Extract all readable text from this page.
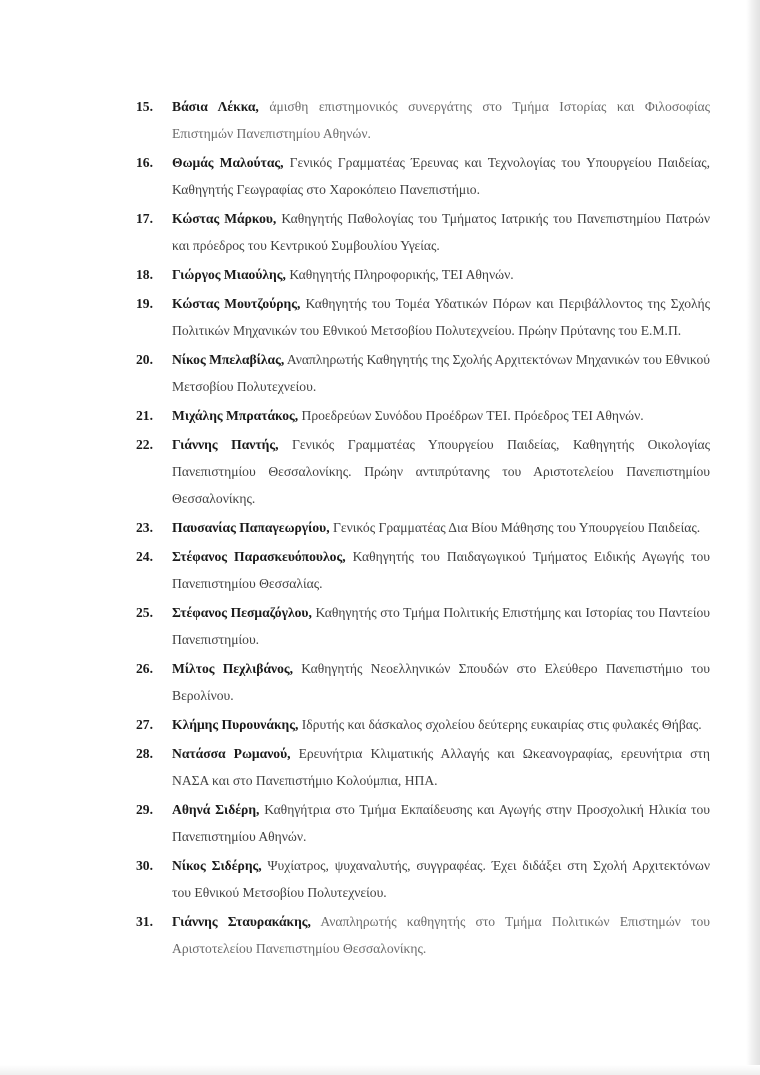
15.	Βάσια Λέκκα, άμισθη επιστημονικός συνεργάτης στο Τμήμα Ιστορίας και Φιλοσοφίας Επιστημών Πανεπιστημίου Αθηνών.
16.	Θωμάς Μαλούτας, Γενικός Γραμματέας Έρευνας και Τεχνολογίας του Υπουργείου Παιδείας, Καθηγητής Γεωγραφίας στο Χαροκόπειο Πανεπιστήμιο.
17.	Κώστας Μάρκου, Καθηγητής Παθολογίας του Τμήματος Ιατρικής του Πανεπιστημίου Πατρών και πρόεδρος του Κεντρικού Συμβουλίου Υγείας.
18.	Γιώργος Μιαούλης, Καθηγητής Πληροφορικής, ΤΕΙ Αθηνών.
19.	Κώστας Μουτζούρης, Καθηγητής του Τομέα Υδατικών Πόρων και Περιβάλλοντος της Σχολής Πολιτικών Μηχανικών του Εθνικού Μετσοβίου Πολυτεχνείου. Πρώην Πρύτανης του Ε.Μ.Π.
20.	Νίκος Μπελαβίλας, Αναπληρωτής Καθηγητής της Σχολής Αρχιτεκτόνων Μηχανικών του Εθνικού Μετσοβίου Πολυτεχνείου.
21.	Μιχάλης Μπρατάκος, Προεδρεύων Συνόδου Προέδρων ΤΕΙ. Πρόεδρος ΤΕΙ Αθηνών.
22.	Γιάννης Παντής, Γενικός Γραμματέας Υπουργείου Παιδείας, Καθηγητής Οικολογίας Πανεπιστημίου Θεσσαλονίκης. Πρώην αντιπρύτανης του Αριστοτελείου Πανεπιστημίου Θεσσαλονίκης.
23.	Παυσανίας Παπαγεωργίου, Γενικός Γραμματέας Δια Βίου Μάθησης του Υπουργείου Παιδείας.
24.	Στέφανος Παρασκευόπουλος, Καθηγητής του Παιδαγωγικού Τμήματος Ειδικής Αγωγής του Πανεπιστημίου Θεσσαλίας.
25.	Στέφανος Πεσμαζόγλου, Καθηγητής στο Τμήμα Πολιτικής Επιστήμης και Ιστορίας του Παντείου Πανεπιστημίου.
26.	Μίλτος Πεχλιβάνος, Καθηγητής Νεοελληνικών Σπουδών στο Ελεύθερο Πανεπιστήμιο του Βερολίνου.
27.	Κλήμης Πυρουνάκης, Ιδρυτής και δάσκαλος σχολείου δεύτερης ευκαιρίας στις φυλακές Θήβας.
28.	Νατάσσα Ρωμανού, Ερευνήτρια Κλιματικής Αλλαγής και Ωκεανογραφίας, ερευνήτρια στη ΝΑΣΑ και στο Πανεπιστήμιο Κολούμπια, ΗΠΑ.
29.	Αθηνά Σιδέρη, Καθηγήτρια στο Τμήμα Εκπαίδευσης και Αγωγής στην Προσχολική Ηλικία του Πανεπιστημίου Αθηνών.
30.	Νίκος Σιδέρης, Ψυχίατρος, ψυχαναλυτής, συγγραφέας. Έχει διδάξει στη Σχολή Αρχιτεκτόνων του Εθνικού Μετσοβίου Πολυτεχνείου.
31.	Γιάννης Σταυρακάκης, Αναπληρωτής καθηγητής στο Τμήμα Πολιτικών Επιστημών του Αριστοτελείου Πανεπιστημίου Θεσσαλονίκης.
